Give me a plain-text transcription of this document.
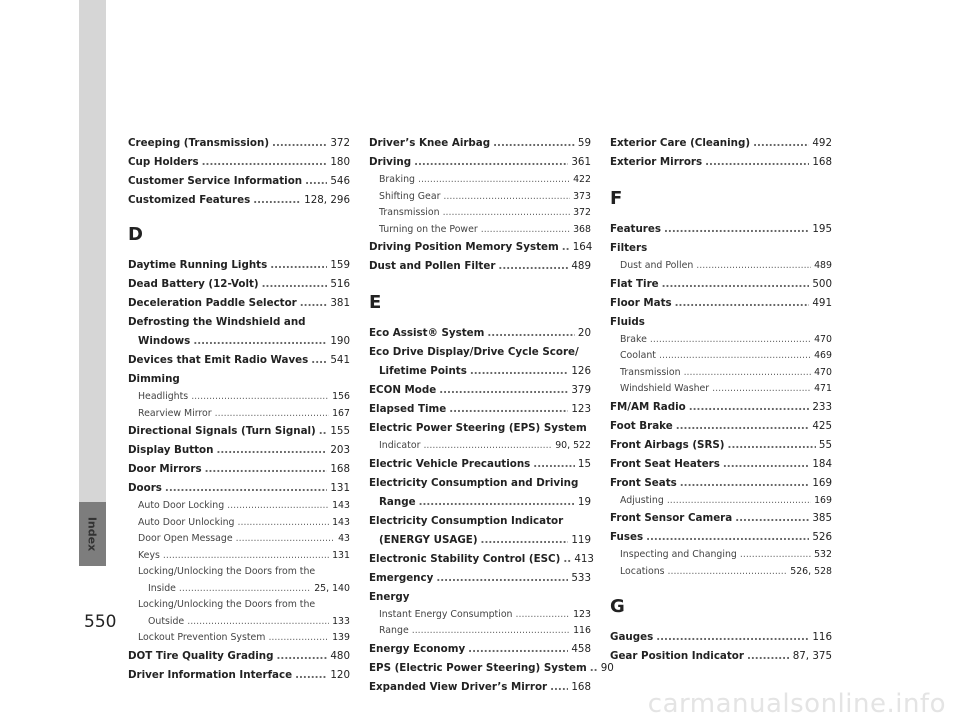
Index
550
carmanualsonline.info
Creeping (Transmission) .....	372
Cup Holders .....	180
Customer Service Information .....	546
Customized Features .....	128, 296
D
Daytime Running Lights .....	159
Dead Battery (12-Volt) .....	516
Deceleration Paddle Selector .....	381
Defrosting the Windshield and
Windows .....	190
Devices that Emit Radio Waves ..... 541
Dimming
Headlights .....	156
Rearview Mirror .....	167
Directional Signals (Turn Signal) ..... 155
Display Button .....	203
Door Mirrors .....	168
Doors .....	131
Auto Door Locking .....	143
Auto Door Unlocking .....	143
Door Open Message .....	43
Keys .....	131
Locking/Unlocking the Doors from the
Inside .....	25, 140
Locking/Unlocking the Doors from the
Outside .....	133
Lockout Prevention System .....	139
DOT Tire Quality Grading .....	480
Driver Information Interface .....	120
Driver’s Knee Airbag .....	59
Driving .....	361
Braking .....	422
Shifting Gear .....	373
Transmission .....	372
Turning on the Power .....	368
Driving Position Memory System ..... 164
Dust and Pollen Filter .....	489
E
Eco Assist® System .....	20
Eco Drive Display/Drive Cycle Score/
Lifetime Points .....	126
ECON Mode .....	379
Elapsed Time .....	123
Electric Power Steering (EPS) System
Indicator .....	90, 522
Electric Vehicle Precautions .....	15
Electricity Consumption and Driving
Range .....	19
Electricity Consumption Indicator
(ENERGY USAGE) .....	119
Electronic Stability Control (ESC) ..... 413
Emergency .....	533
Energy
Instant Energy Consumption .....	123
Range .....	116
Energy Economy .....	458
EPS (Electric Power Steering) System ..... 90
Expanded View Driver’s Mirror ..... 168
Exterior Care (Cleaning) .....	492
Exterior Mirrors .....	168
F
Features .....	195
Filters
Dust and Pollen .....	489
Flat Tire .....	500
Floor Mats .....	491
Fluids
Brake .....	470
Coolant .....	469
Transmission .....	470
Windshield Washer .....	471
FM/AM Radio .....	233
Foot Brake .....	425
Front Airbags (SRS) .....	55
Front Seat Heaters .....	184
Front Seats .....	169
Adjusting .....	169
Front Sensor Camera .....	385
Fuses .....	526
Inspecting and Changing .....	532
Locations .....	526, 528
G
Gauges .....	116
Gear Position Indicator .....	87, 375
